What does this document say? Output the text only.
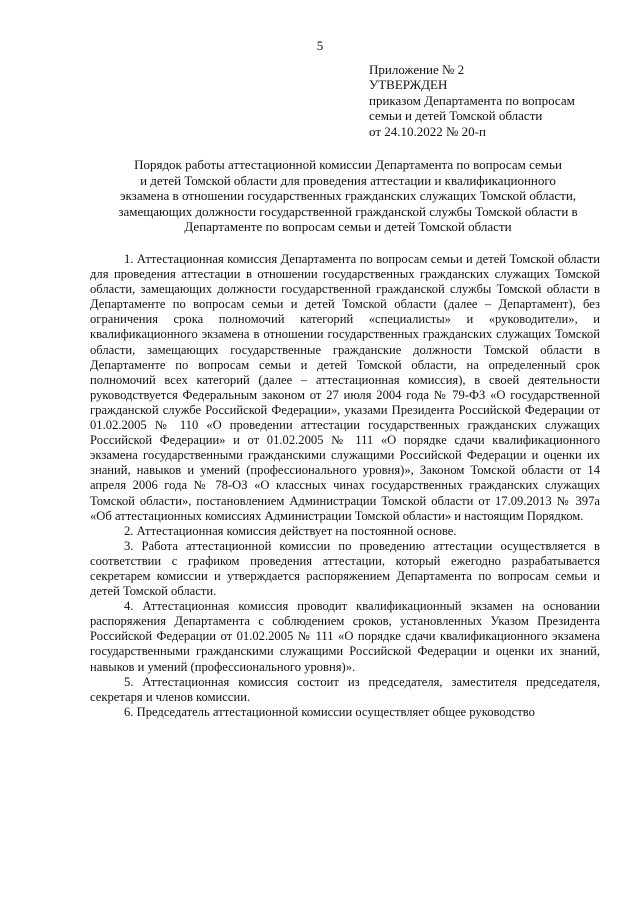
5
Приложение № 2
УТВЕРЖДЕН
приказом Департамента по вопросам
семьи и детей Томской области
от 24.10.2022 № 20-п
Порядок работы аттестационной комиссии Департамента по вопросам семьи
и детей Томской области для проведения аттестации и квалификационного
экзамена в отношении государственных гражданских служащих Томской области,
замещающих должности государственной гражданской службы Томской области в
Департаменте по вопросам семьи и детей Томской области

1. Аттестационная комиссия Департамента по вопросам семьи и детей Томской области для проведения аттестации в отношении государственных гражданских служащих Томской области, замещающих должности государственной гражданской службы Томской области в Департаменте по вопросам семьи и детей Томской области (далее – Департамент), без ограничения срока полномочий категорий «специалисты» и «руководители», и квалификационного экзамена в отношении государственных гражданских служащих Томской области, замещающих государственные гражданские должности Томской области в Департаменте по вопросам семьи и детей Томской области, на определенный срок полномочий всех категорий (далее – аттестационная комиссия), в своей деятельности руководствуется Федеральным законом от 27 июля 2004 года № 79-ФЗ «О государственной гражданской службе Российской Федерации», указами Президента Российской Федерации от 01.02.2005 № 110 «О проведении аттестации государственных гражданских служащих Российской Федерации» и от 01.02.2005 № 111 «О порядке сдачи квалификационного экзамена государственными гражданскими служащими Российской Федерации и оценки их знаний, навыков и умений (профессионального уровня)», Законом Томской области от 14 апреля 2006 года № 78-ОЗ «О классных чинах государственных гражданских служащих Томской области», постановлением Администрации Томской области от 17.09.2013 № 397а «Об аттестационных комиссиях Администрации Томской области» и настоящим Порядком.

2. Аттестационная комиссия действует на постоянной основе.

3. Работа аттестационной комиссии по проведению аттестации осуществляется в соответствии с графиком проведения аттестации, который ежегодно разрабатывается секретарем комиссии и утверждается распоряжением Департамента по вопросам семьи и детей Томской области.

4. Аттестационная комиссия проводит квалификационный экзамен на основании распоряжения Департамента с соблюдением сроков, установленных Указом Президента Российской Федерации от 01.02.2005 № 111 «О порядке сдачи квалификационного экзамена государственными гражданскими служащими Российской Федерации и оценки их знаний, навыков и умений (профессионального уровня)».

5. Аттестационная комиссия состоит из председателя, заместителя председателя, секретаря и членов комиссии.

6. Председатель аттестационной комиссии осуществляет общее руководство
